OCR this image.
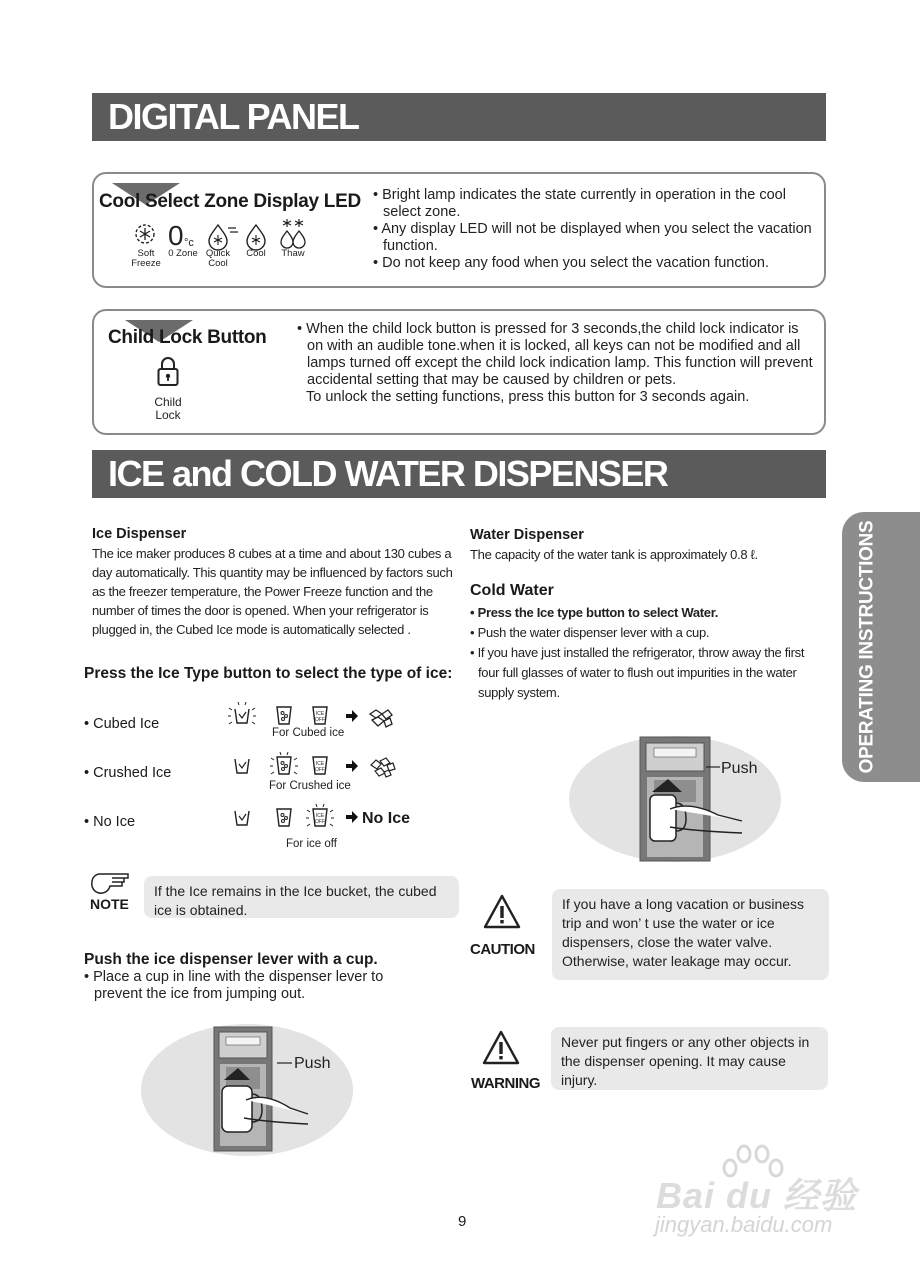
DIGITAL PANEL
Cool Select Zone Display LED
0 °c
Soft
Freeze
0 Zone Quick
Cool
Cool	Thaw
• Bright lamp indicates the state currently in operation in the cool select zone.
• Any display LED will not be displayed when you select the vacation function.
• Do not keep any food when you select the vacation function.
Child Lock Button
Child
Lock
• When the child lock button is pressed for 3 seconds,the child lock indicator is on with an audible tone.when it is locked, all keys can not be modified and all lamps turned off except the child lock indication lamp. This function will prevent accidental setting that may be caused by children or pets.
To unlock the setting functions, press this button for 3 seconds again.
ICE and COLD WATER DISPENSER
Ice Dispenser
The ice maker produces 8 cubes at a time and about 130 cubes a day automatically. This quantity may be influenced by factors such as the freezer temperature, the Power Freeze function and the number of times the door is opened. When your refrigerator is plugged in, the Cubed Ice mode is automatically selected .
Press the Ice Type button to select the type of ice:
• Cubed Ice
• Crushed Ice
• No Ice
ICE
OFF
ICE
OFF
ICE
OFF
For Cubed ice
For Crushed ice
For ice off
No Ice
NOTE
If the Ice remains in the Ice bucket, the cubed ice is obtained.
Push the ice dispenser lever with a cup.
• Place a cup in line with the dispenser lever to prevent the ice from jumping out.
Push
Water Dispenser
The capacity of the water tank is approximately 0.8 ℓ.
Cold Water
• Press the Ice type button to select Water.
• Push the water dispenser lever with a cup.
• If you have just installed the refrigerator, throw away the first four full glasses of water to flush out impurities in the water supply system.
Push
CAUTION
If you have a long vacation or business trip and won’ t use the water or ice dispensers, close the water valve. Otherwise, water leakage may occur.
WARNING
Never put fingers or any other objects in the dispenser opening. It may cause injury.
OPERATING INSTRUCTIONS
9
Bai du 经验
jingyan.baidu.com
